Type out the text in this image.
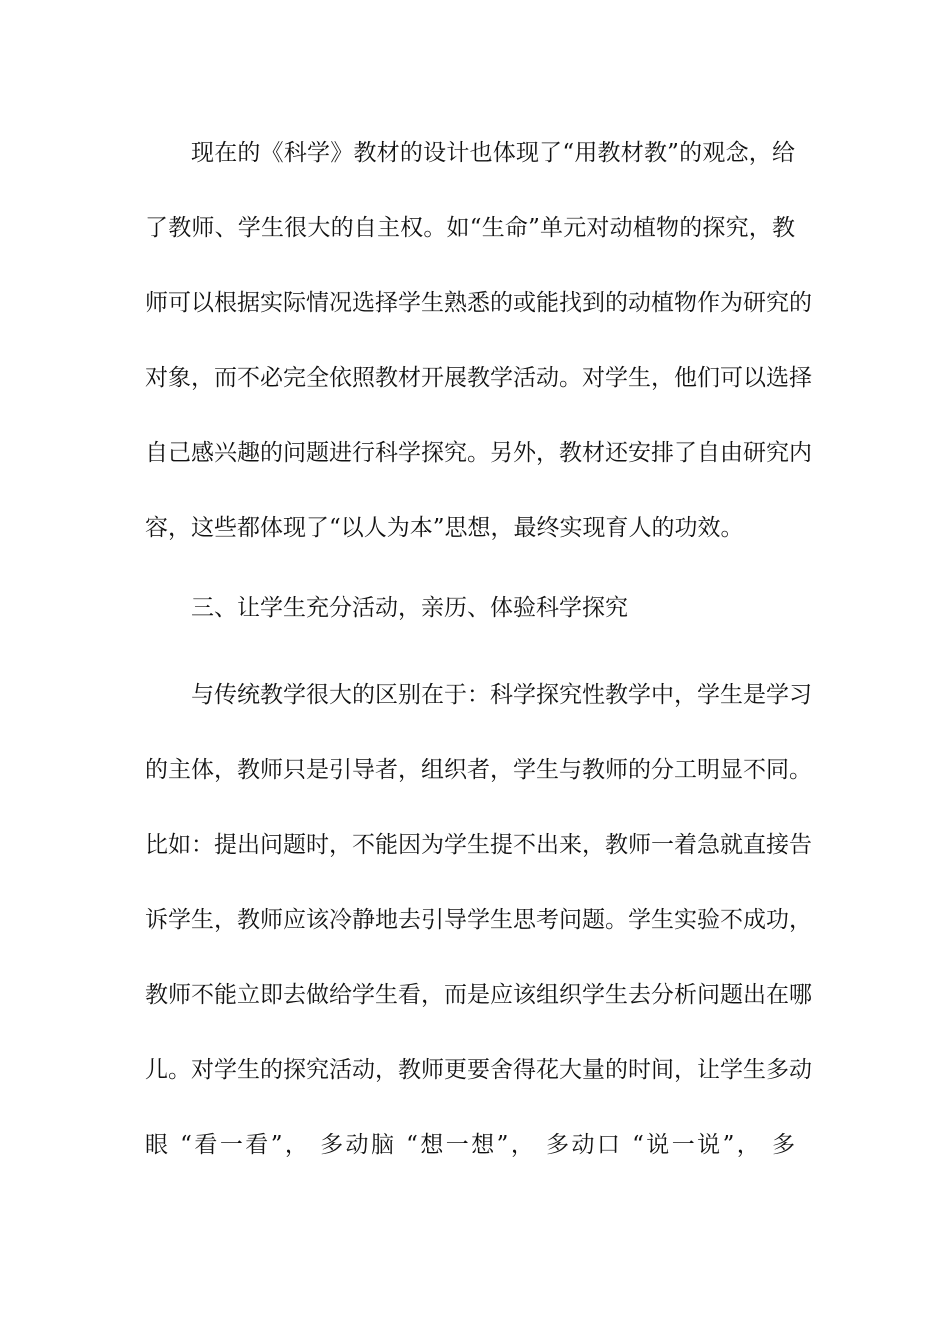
现在的《科学》教材的设计也体现了“用教材教”的观念，给
了教师、学生很大的自主权。如“生命”单元对动植物的探究，教
师可以根据实际情况选择学生熟悉的或能找到的动植物作为研究的
对象，而不必完全依照教材开展教学活动。对学生，他们可以选择
自己感兴趣的问题进行科学探究。另外，教材还安排了自由研究内
容，这些都体现了“以人为本”思想，最终实现育人的功效。
三、让学生充分活动，亲历、体验科学探究
与传统教学很大的区别在于：科学探究性教学中，学生是学习
的主体，教师只是引导者，组织者，学生与教师的分工明显不同。
比如：提出问题时，不能因为学生提不出来，教师一着急就直接告
诉学生，教师应该冷静地去引导学生思考问题。学生实验不成功，
教师不能立即去做给学生看，而是应该组织学生去分析问题出在哪
儿。对学生的探究活动，教师更要舍得花大量的时间，让学生多动
眼 “看一看”， 多动脑 “想一想”， 多动口 “说一说”， 多
